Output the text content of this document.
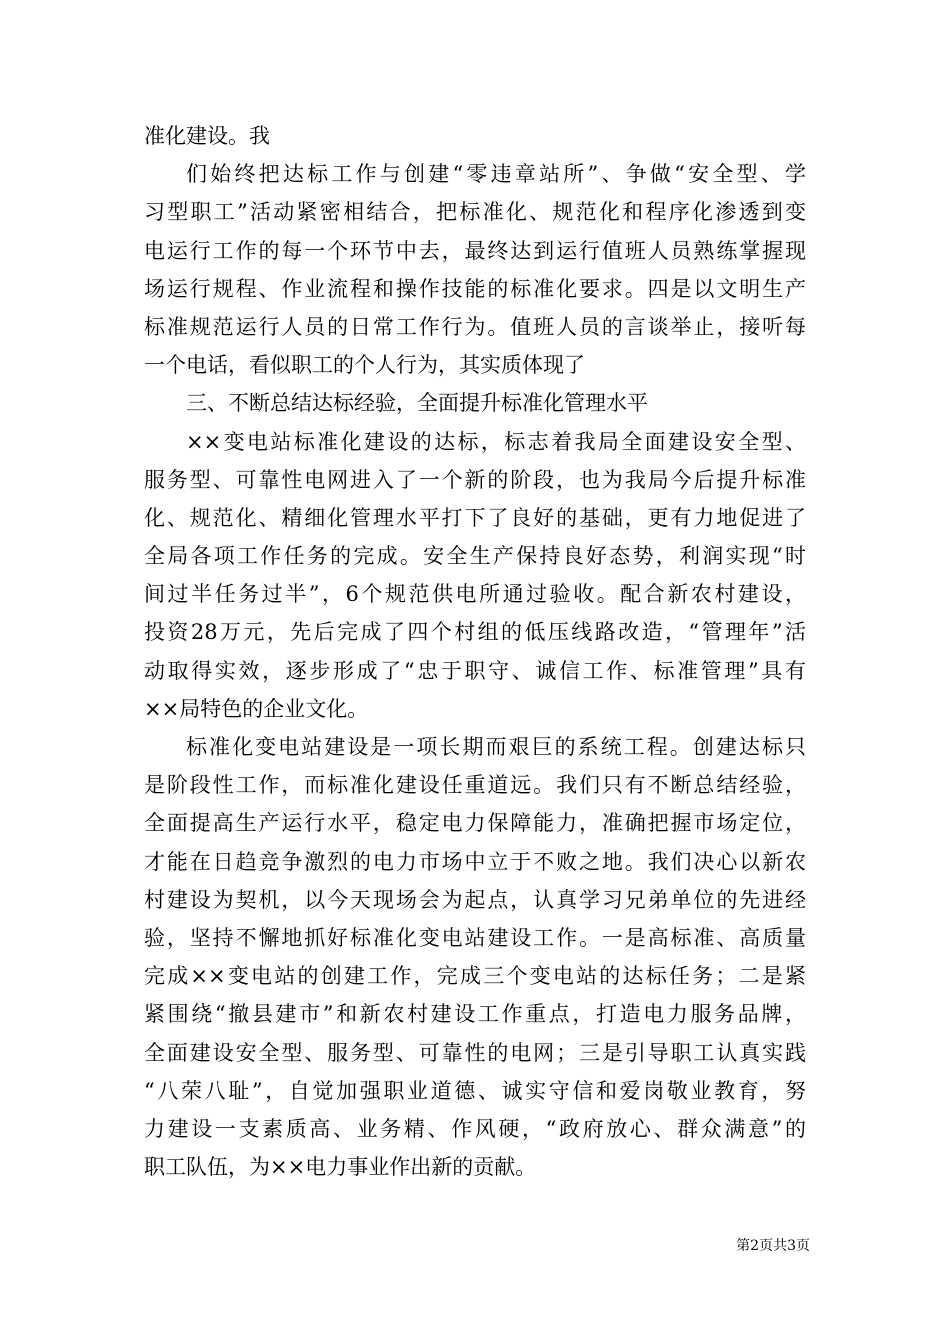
准化建设。我
们始终把达标工作与创建“零违章站所”、争做“安全型、学
习型职工”活动紧密相结合，把标准化、规范化和程序化渗透到变
电运行工作的每一个环节中去，最终达到运行值班人员熟练掌握现
场运行规程、作业流程和操作技能的标准化要求。四是以文明生产
标准规范运行人员的日常工作行为。值班人员的言谈举止，接听每
一个电话，看似职工的个人行为，其实质体现了
三、不断总结达标经验，全面提升标准化管理水平
××变电站标准化建设的达标，标志着我局全面建设安全型、
服务型、可靠性电网进入了一个新的阶段，也为我局今后提升标准
化、规范化、精细化管理水平打下了良好的基础，更有力地促进了
全局各项工作任务的完成。安全生产保持良好态势，利润实现“时
间过半任务过半”，6个规范供电所通过验收。配合新农村建设，
投资28万元，先后完成了四个村组的低压线路改造，“管理年”活
动取得实效，逐步形成了“忠于职守、诚信工作、标准管理”具有
××局特色的企业文化。
标准化变电站建设是一项长期而艰巨的系统工程。创建达标只
是阶段性工作，而标准化建设任重道远。我们只有不断总结经验，
全面提高生产运行水平，稳定电力保障能力，准确把握市场定位，
才能在日趋竞争激烈的电力市场中立于不败之地。我们决心以新农
村建设为契机，以今天现场会为起点，认真学习兄弟单位的先进经
验，坚持不懈地抓好标准化变电站建设工作。一是高标准、高质量
完成××变电站的创建工作，完成三个变电站的达标任务；二是紧
紧围绕“撤县建市”和新农村建设工作重点，打造电力服务品牌，
全面建设安全型、服务型、可靠性的电网；三是引导职工认真实践
“八荣八耻”，自觉加强职业道德、诚实守信和爱岗敬业教育，努
力建设一支素质高、业务精、作风硬，“政府放心、群众满意”的
职工队伍，为××电力事业作出新的贡献。
第2页共3页
